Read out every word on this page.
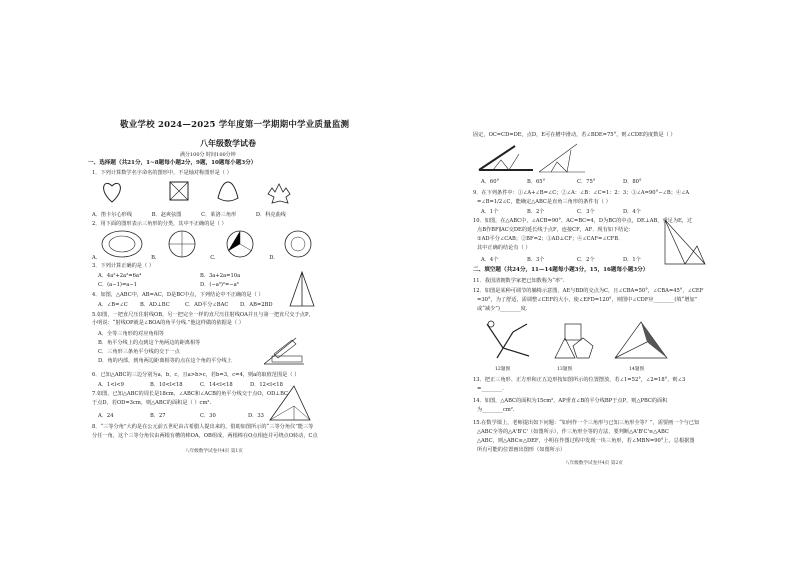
敬业学校 2024—2025 学年度第一学期期中学业质量监测
八年级数学试卷
满分100分 时间100分钟
一、选择题（共21分，1~8题每小题2分，9题，10题每小题3分）
1．下列计算数学名字命名的图形中，不是轴对称图形是（ ）
A．笛卡尔心形线	B．赵爽弦图	C．莱洛三角形	D．科克曲线
2．用下面的图形表示三角形的分类，其中不正确的是（ ）
A.	B.	C.	D.
3．下列计算正确的是（ ）
A．4a²+2a²=6a⁴	B．3a+2a=10a
C．(a−1)=a−1	D．(−a³)²=−a⁶
4．如图，△ABC中，AB=AC，D是BC中点，下列结论中不正确的是（ ）
A．∠B=∠C B．AD⊥BC	C．AD平分∠BAC D．AB=2BD
5.如图，一把直尺压住射线OB，另一把完全一样的直尺压住射线OA并且与第一把直尺交于点P，
小明说：“射线OP就是∠BOA的角平分线.”他这样做的依据是（ ）
A．全等三角形的对应角相等
B．角平分线上的点到这个角两边的距离相等
C．三角形三条角平分线的交于一点
D．角的内部，到角两边距离相等的点在这个角的平分线上
6．已知△ABC的三边分别为a，b，c，且a>b>c，若b=3，c=4，则a的取值范围是（ ）
A．1<l<9	B．10<l<18	C．14<l<18	D．12<l<18
7.如图，已知△ABC的周长是18cm，∠ABC和∠ACB的角平分线交于点O，OD⊥BC
于点D，若OD=3cm，则△ABC的面积是（ ）cm².
A．24	B．27	C．30	D．33
8．“三等分角”大约是在公元前五世纪由古希腊人提出来的，借助如图所示的“三等分角仪”能三等
分任一角，这个三等分角仪由两根有槽的棒OA，OB组成，两根棒在O点相连并可绕点O转动，C点
八年级数学试卷共4页 第1页
固定，OC=CD=DE，点D，E可在槽中滑动，若∠BDE=75°，则∠CDE的度数是（ ）
A．60°	B．65°	C．75°	D．80°
9．在下列条件中：①∠A+∠B=∠C；②∠A：∠B：∠C=1：2：3；③∠A=90°−∠B；④∠A
=∠B=1/2∠C，能确定△ABC是直角三角形的条件有（ ）
A．1个	B．2个	C．3个	D．4个
10．如图，在△ABC中，∠ACB=90°，AC=BC=4，D为BC的中点，DE⊥AB，垂足为E，过
点B作BF∥AC交DE的延长线于点F，连接CF，AF．现有如下结论：
①AD平分∠CAB；②BF=2；③AD⊥CF；④∠CAF=∠CFB．
其中正确的结论有（ ）
A．4个	B．3个	C．2个	D．1个
二、填空题（共24分，11—14题每小题3分，15，16题每小题3分）
11．我国清朝数学家把已知数称为“率”.
12．如图是某种可调节的躺椅示意图，AE与BD的交点为C，且∠CBA=50°，∠CBA=45°，∠CEF
=30°，为了舒适，需调整∠CEF的大小，使∠EFD=120°，则图中∠CDF应________(填“增加”
或“减少”)________度.
12题图	13题图	14题图
13．把正三角形、正方形和正五边形按如图所示的位置摆放，若∠1=52°，∠2=18°，则∠3
=________.
14．如图，△ABC的面积为15cm²，AP垂直∠B的平分线BP于点P，则△PBC的面积
为________cm².
15.在数学课上，老师提出如下问题：“如何作一个三角形与已知三角形全等？”，需要画一个与已知
△ABC全等的△A'B'C'（如图所示），作三角形全等的方法，要判断△A'B'C'≌△ABC
△ABC，则△ABC≌△DEF，小明在作图过程中发现一块三角形，若∠MBN=90°上，总根据图
所有可能的位置画出图形（如图所示）
八年级数学试卷共4页 第2页
